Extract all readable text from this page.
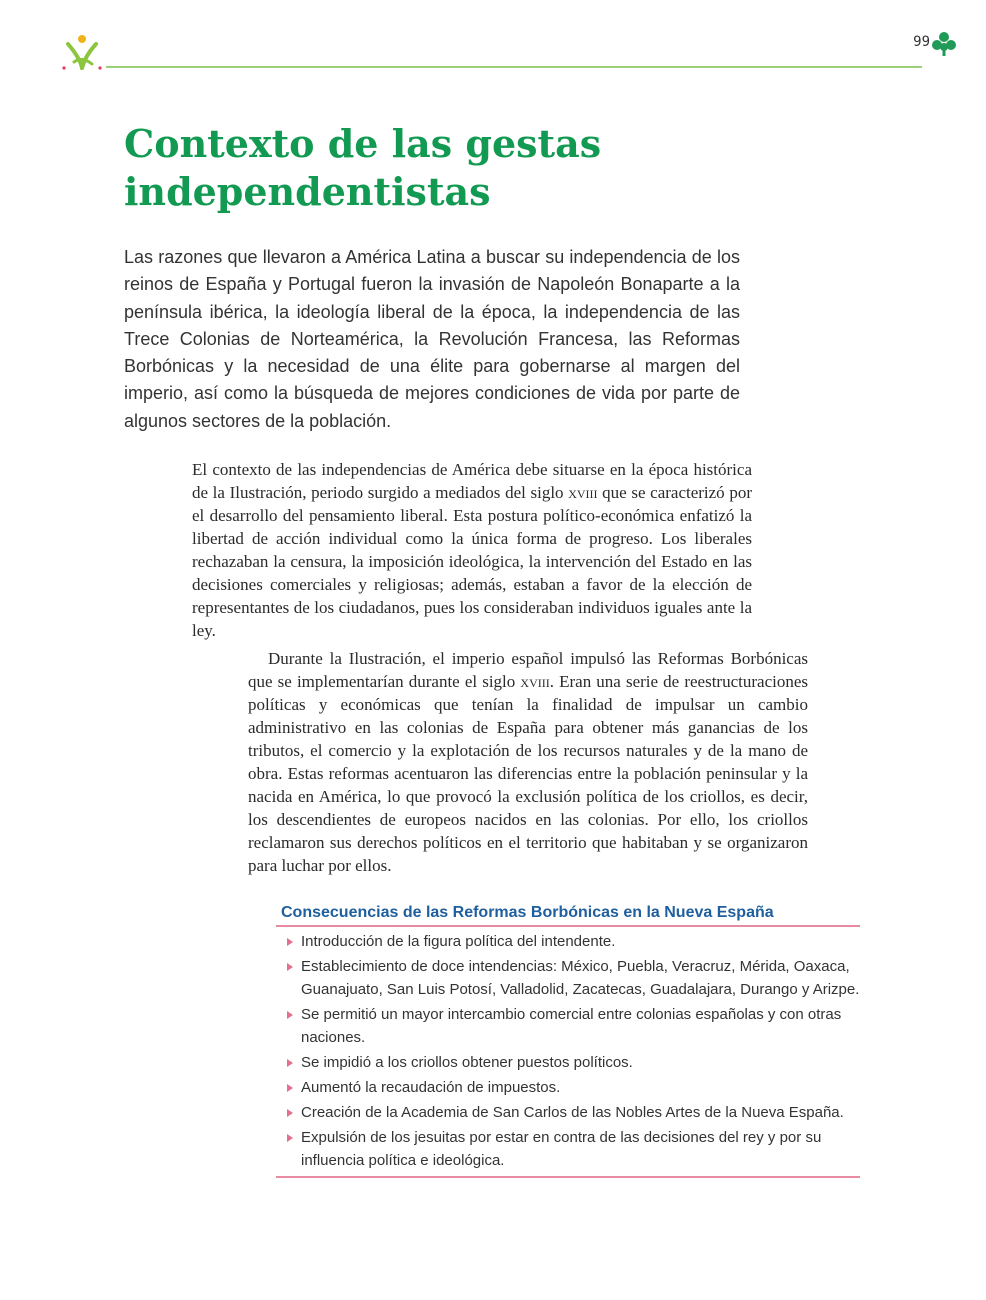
99
Contexto de las gestas
independentistas

Las razones que llevaron a América Latina a buscar su independencia de los reinos de España y Portugal fueron la invasión de Napoleón Bonaparte a la península ibérica, la ideología liberal de la época, la independencia de las Trece Colonias de Norteamérica, la Revolución Francesa, las Reformas Borbónicas y la necesidad de una élite para gobernarse al margen del imperio, así como la búsqueda de mejores condiciones de vida por parte de algunos sectores de la población.

El contexto de las independencias de América debe situarse en la época histórica de la Ilustración, periodo surgido a mediados del siglo xviii que se caracterizó por el desarrollo del pensamiento liberal. Esta postura político-económica enfatizó la libertad de acción individual como la única forma de progreso. Los liberales rechazaban la censura, la imposición ideológica, la intervención del Estado en las decisiones comerciales y religiosas; además, estaban a favor de la elección de representantes de los ciudadanos, pues los consideraban individuos iguales ante la ley.

Durante la Ilustración, el imperio español impulsó las Reformas Borbónicas que se implementarían durante el siglo xviii. Eran una serie de reestructuraciones políticas y económicas que tenían la finalidad de impulsar un cambio administrativo en las colonias de España para obtener más ganancias de los tributos, el comercio y la explotación de los recursos naturales y de la mano de obra. Estas reformas acentuaron las diferencias entre la población peninsular y la nacida en América, lo que provocó la exclusión política de los criollos, es decir, los descendientes de europeos nacidos en las colonias. Por ello, los criollos reclamaron sus derechos políticos en el territorio que habitaban y se organizaron para luchar por ellos.

Consecuencias de las Reformas Borbónicas en la Nueva España
Introducción de la figura política del intendente.
Establecimiento de doce intendencias: México, Puebla, Veracruz, Mérida, Oaxaca, Guanajuato, San Luis Potosí, Valladolid, Zacatecas, Guadalajara, Durango y Arizpe.
Se permitió un mayor intercambio comercial entre colonias españolas y con otras naciones.
Se impidió a los criollos obtener puestos políticos.
Aumentó la recaudación de impuestos.
Creación de la Academia de San Carlos de las Nobles Artes de la Nueva España.
Expulsión de los jesuitas por estar en contra de las decisiones del rey y por su influencia política e ideológica.
